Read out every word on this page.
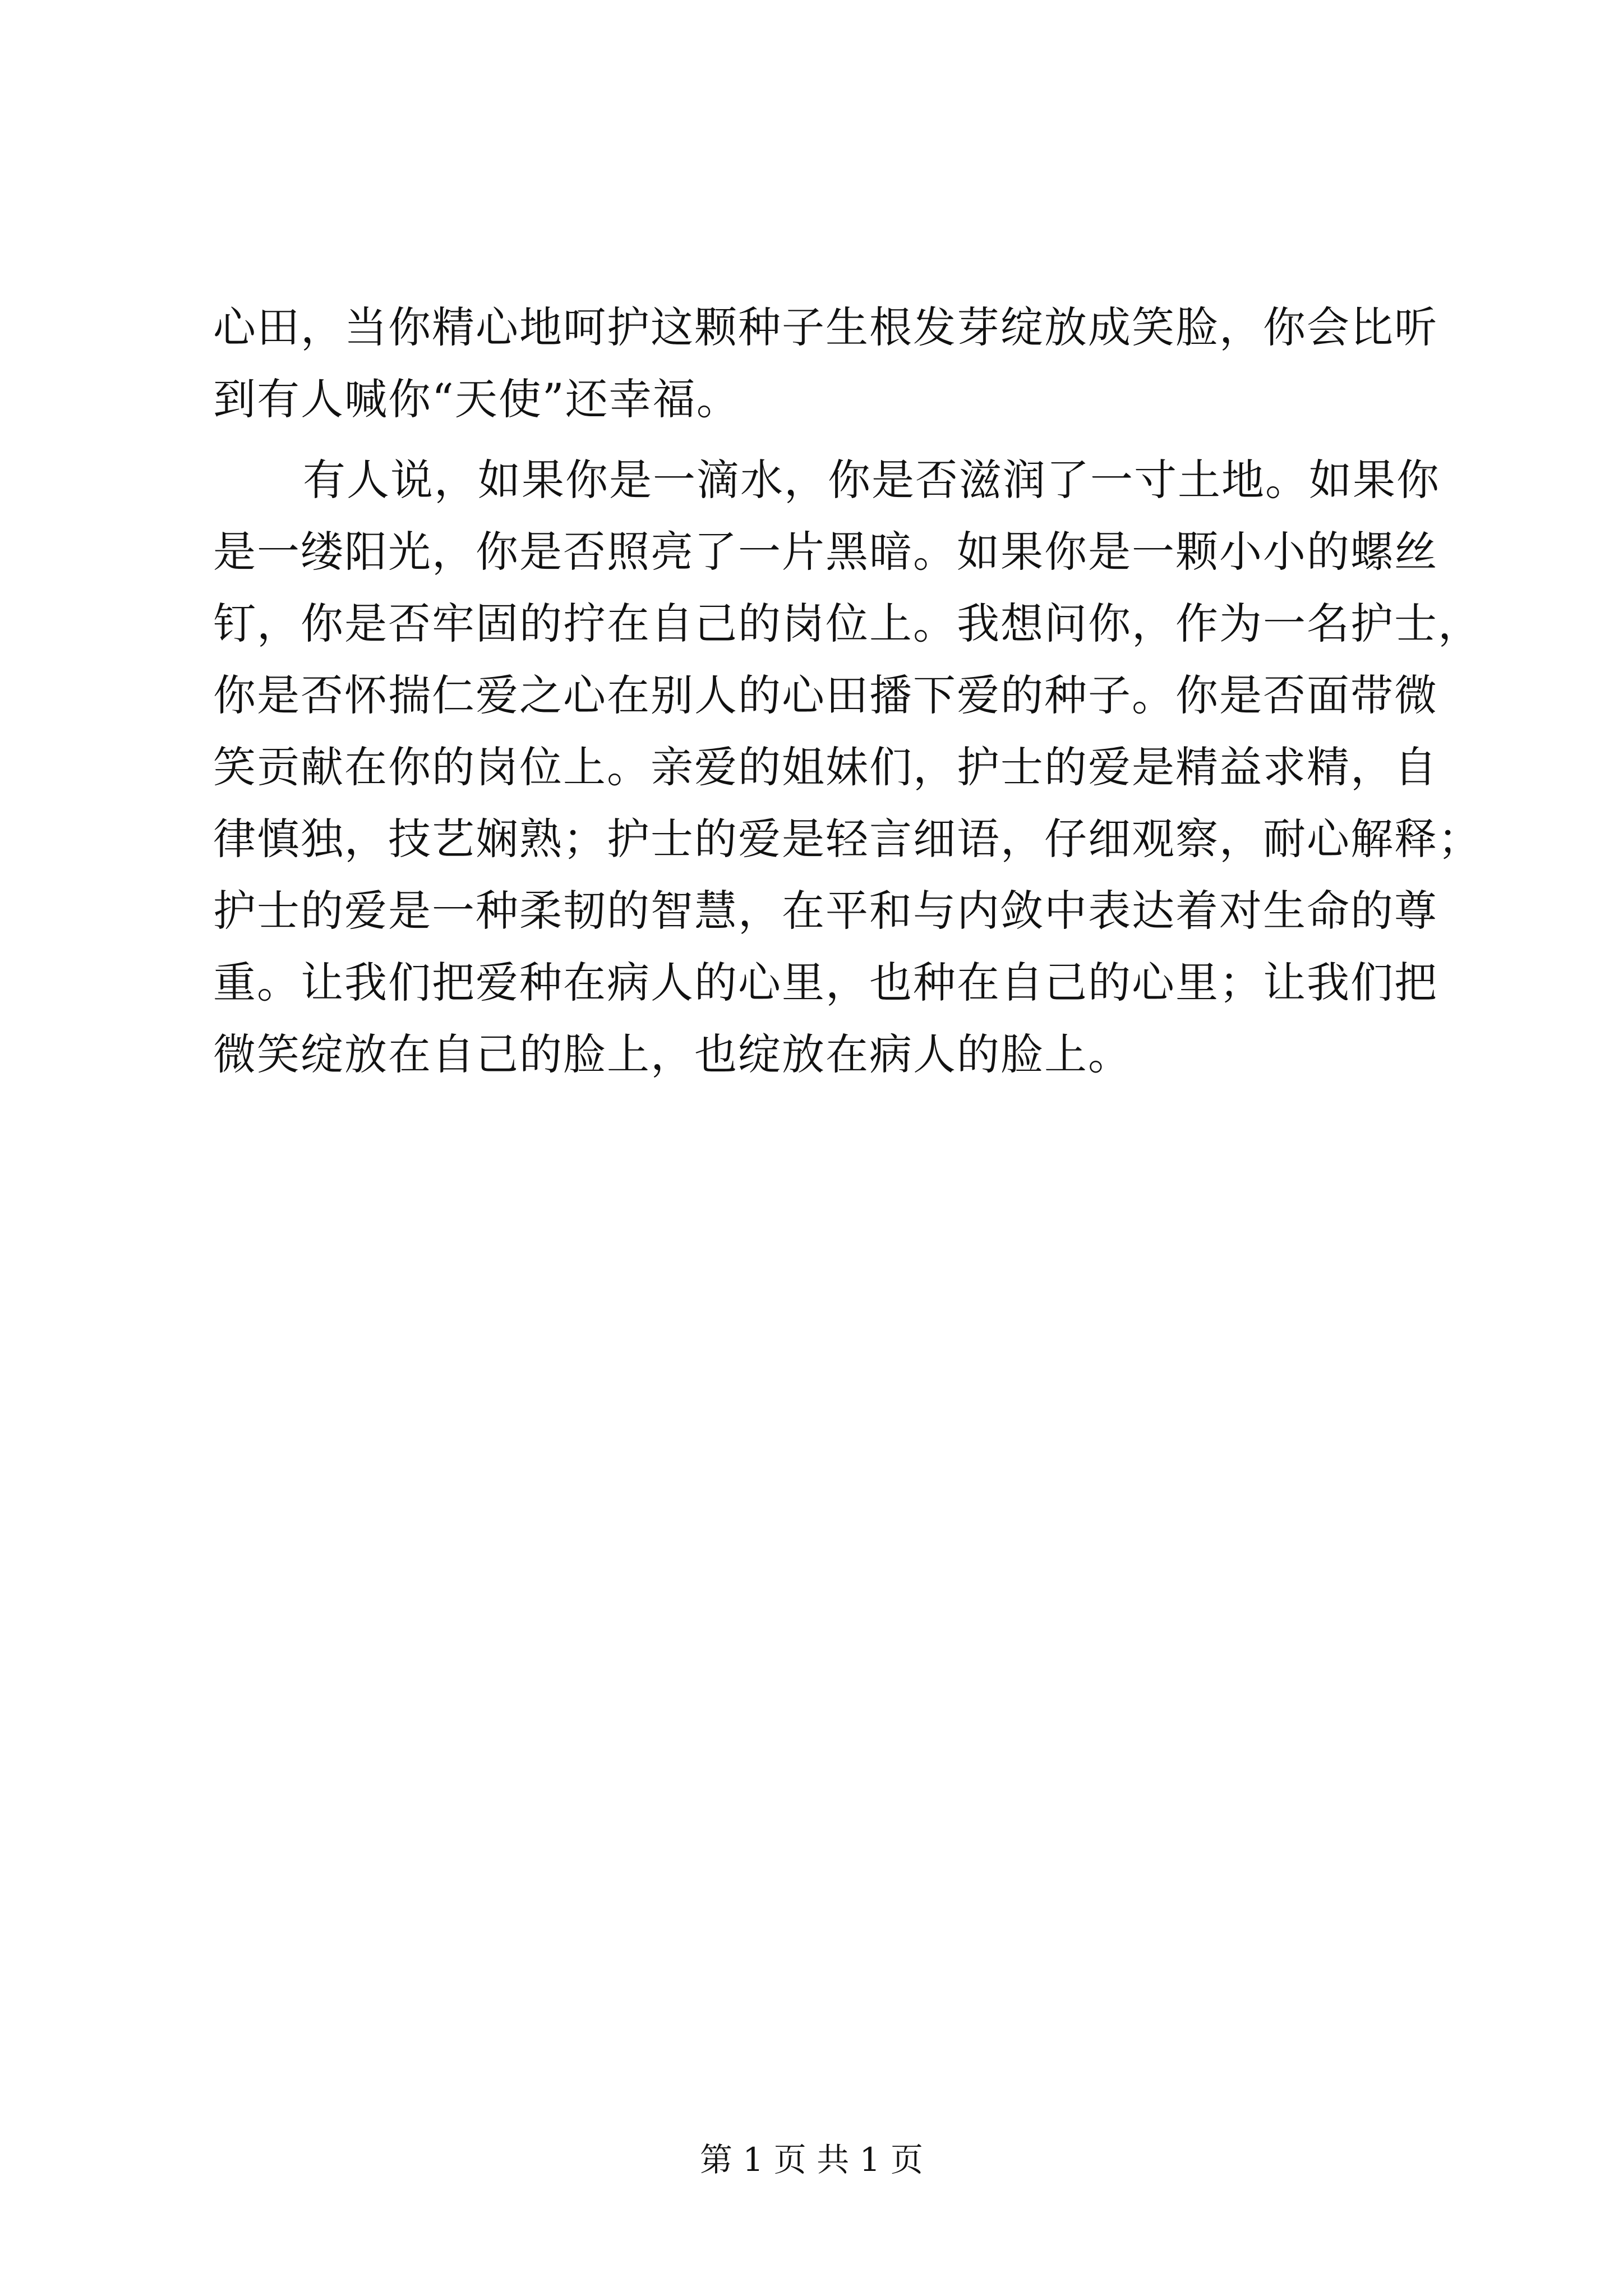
心田，当你精心地呵护这颗种子生根发芽绽放成笑脸，你会比听
到有人喊你“天使”还幸福。
有人说，如果你是一滴水，你是否滋润了一寸土地。如果你
是一缕阳光，你是否照亮了一片黑暗。如果你是一颗小小的螺丝
钉，你是否牢固的拧在自己的岗位上。我想问你，作为一名护士，
你是否怀揣仁爱之心在别人的心田播下爱的种子。你是否面带微
笑贡献在你的岗位上。亲爱的姐妹们，护士的爱是精益求精，自
律慎独，技艺娴熟；护士的爱是轻言细语，仔细观察，耐心解释；
护士的爱是一种柔韧的智慧，在平和与内敛中表达着对生命的尊
重。让我们把爱种在病人的心里，也种在自己的心里；让我们把
微笑绽放在自己的脸上，也绽放在病人的脸上。
第 1 页 共 1 页
